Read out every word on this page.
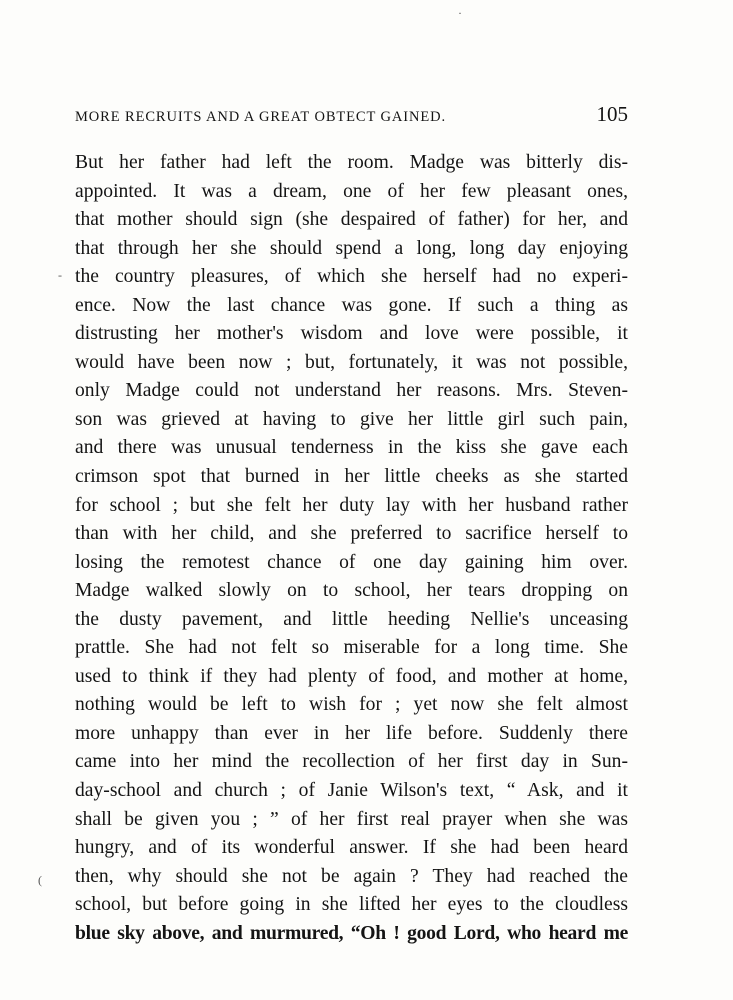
MORE RECRUITS AND A GREAT OBTECT GAINED.	105
·
-
(
But her father had left the room. Madge was bitterly dis-
appointed. It was a dream, one of her few pleasant ones,
that mother should sign (she despaired of father) for her, and
that through her she should spend a long, long day enjoying
the country pleasures, of which she herself had no experi-
ence. Now the last chance was gone. If such a thing as
distrusting her mother's wisdom and love were possible, it
would have been now ; but, fortunately, it was not possible,
only Madge could not understand her reasons. Mrs. Steven-
son was grieved at having to give her little girl such pain,
and there was unusual tenderness in the kiss she gave each
crimson spot that burned in her little cheeks as she started
for school ; but she felt her duty lay with her husband rather
than with her child, and she preferred to sacrifice herself to
losing the remotest chance of one day gaining him over.
Madge walked slowly on to school, her tears dropping on
the dusty pavement, and little heeding Nellie's unceasing
prattle. She had not felt so miserable for a long time. She
used to think if they had plenty of food, and mother at home,
nothing would be left to wish for ; yet now she felt almost
more unhappy than ever in her life before. Suddenly there
came into her mind the recollection of her first day in Sun-
day-school and church ; of Janie Wilson's text, “ Ask, and it
shall be given you ; ” of her first real prayer when she was
hungry, and of its wonderful answer. If she had been heard
then, why should she not be again ? They had reached the
school, but before going in she lifted her eyes to the cloudless
blue sky above, and murmured, “Oh ! good Lord, who heard me
